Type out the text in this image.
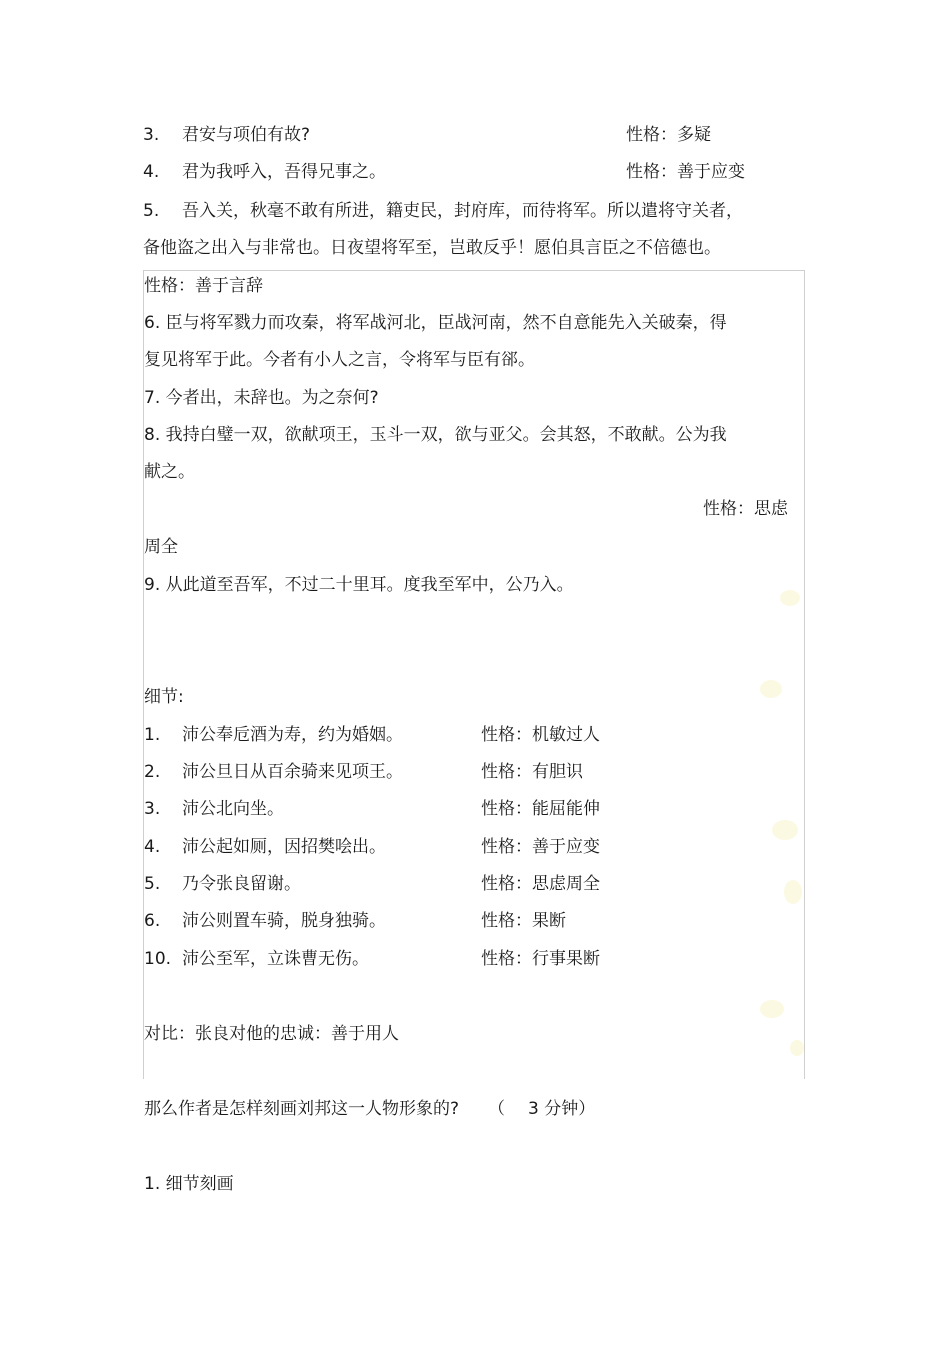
3. 君安与项伯有故?	性格：多疑
4. 君为我呼入，吾得兄事之。	性格：善于应变
5. 吾入关，秋毫不敢有所进，籍吏民，封府库，而待将军。所以遣将守关者，
备他盗之出入与非常也。日夜望将军至，岂敢反乎！愿伯具言臣之不倍德也。
性格：善于言辞
6. 臣与将军戮力而攻秦，将军战河北，臣战河南，然不自意能先入关破秦，得
复见将军于此。今者有小人之言，令将军与臣有郤。
7. 今者出，未辞也。为之奈何?
8. 我持白璧一双，欲献项王，玉斗一双，欲与亚父。会其怒，不敢献。公为我
献之。
性格：思虑
周全
9. 从此道至吾军，不过二十里耳。度我至军中，公乃入。
细节:
1. 沛公奉卮酒为寿，约为婚姻。	性格：机敏过人
2. 沛公旦日从百余骑来见项王。	性格：有胆识
3. 沛公北向坐。	性格：能屈能伸
4. 沛公起如厕，因招樊哙出。	性格：善于应变
5. 乃令张良留谢。	性格：思虑周全
6. 沛公则置车骑，脱身独骑。	性格：果断
10. 沛公至军，立诛曹无伤。	性格：行事果断
对比：张良对他的忠诚：善于用人
那么作者是怎样刻画刘邦这一人物形象的? （ 3 分钟）
1. 细节刻画
